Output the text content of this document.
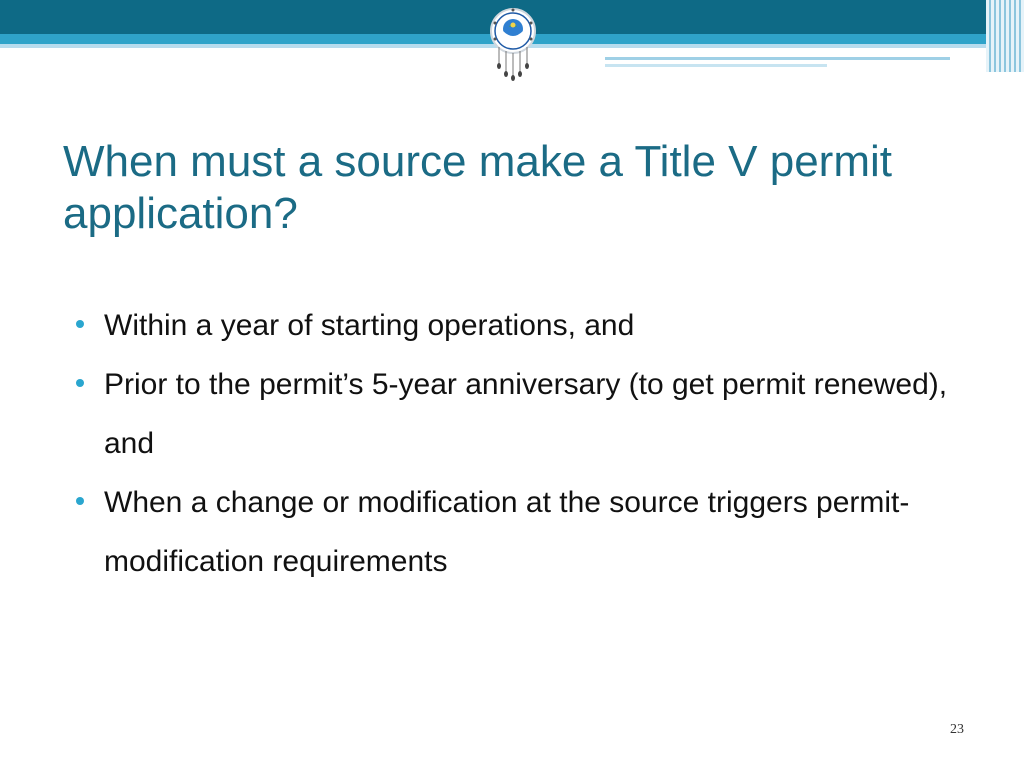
When must a source make a Title V permit application?
Within a year of starting operations, and
Prior to the permit’s 5-year anniversary (to get permit renewed), and
When a change or modification at the source triggers permit-modification requirements
23
